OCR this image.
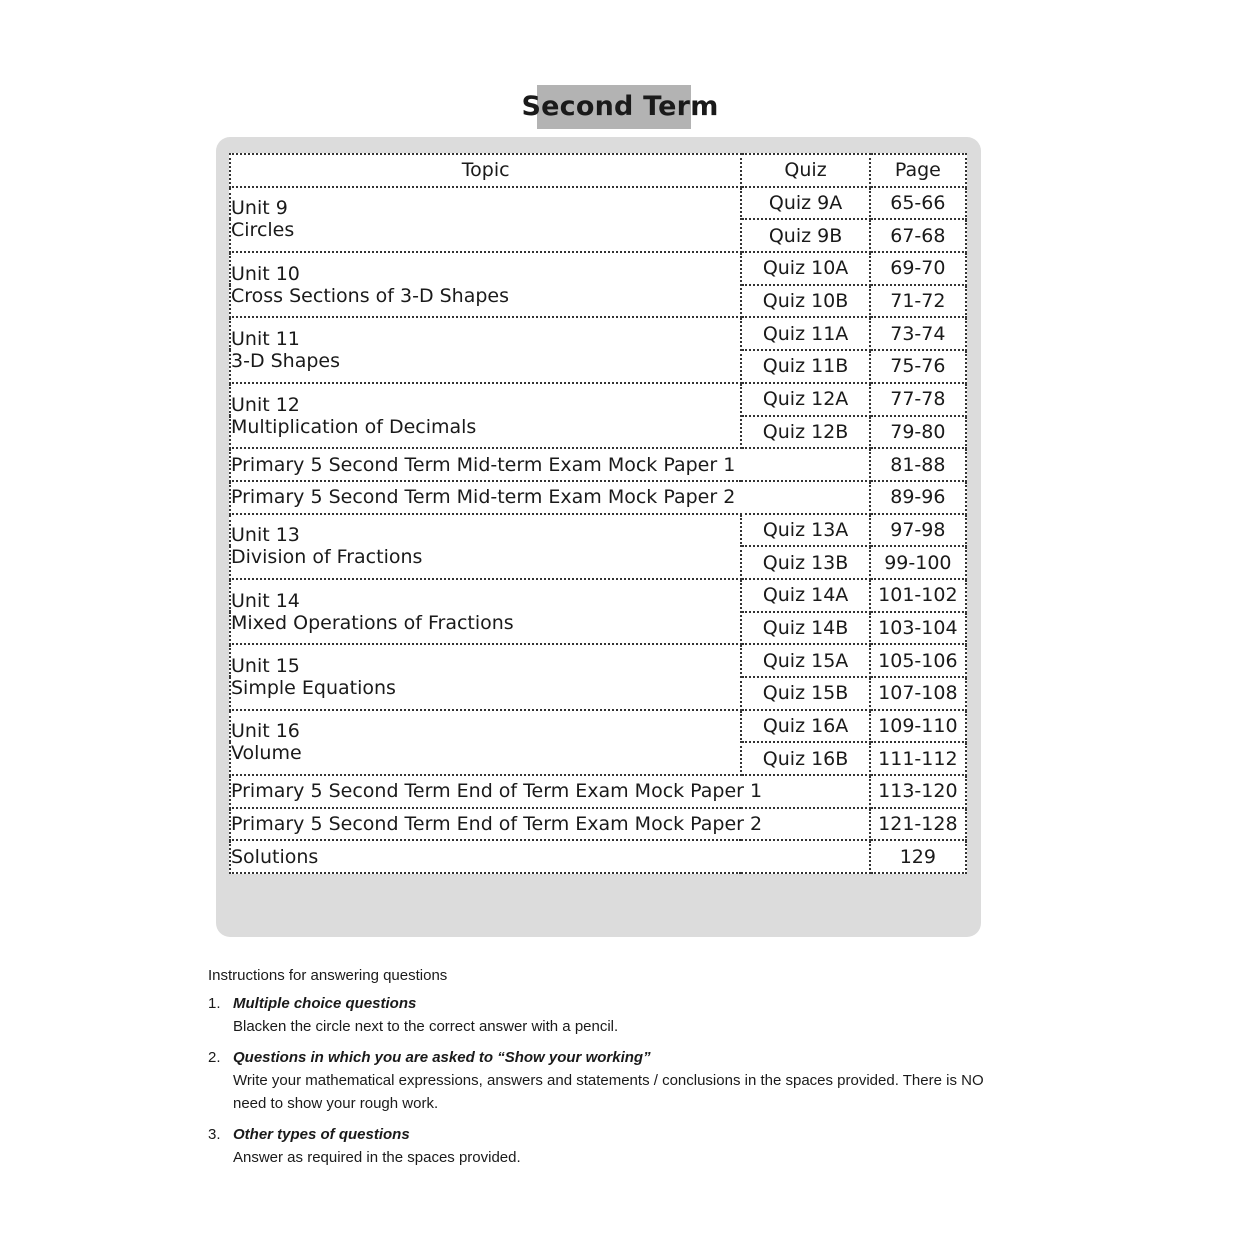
Second Term
Topic	Quiz	Page

Unit 9
Circles	Quiz 9A	65-66
	Quiz 9B	67-68

Unit 10
Cross Sections of 3-D Shapes	Quiz 10A	69-70
	Quiz 10B	71-72

Unit 11
3-D Shapes	Quiz 11A	73-74
	Quiz 11B	75-76

Unit 12
Multiplication of Decimals	Quiz 12A	77-78
	Quiz 12B	79-80
Primary 5 Second Term Mid-term Exam Mock Paper 1		81-88
Primary 5 Second Term Mid-term Exam Mock Paper 2		89-96

Unit 13
Division of Fractions	Quiz 13A	97-98
	Quiz 13B	99-100

Unit 14
Mixed Operations of Fractions	Quiz 14A	101-102
	Quiz 14B	103-104

Unit 15
Simple Equations	Quiz 15A	105-106
	Quiz 15B	107-108

Unit 16
Volume	Quiz 16A	109-110
	Quiz 16B	111-112
Primary 5 Second Term End of Term Exam Mock Paper 1		113-120
Primary 5 Second Term End of Term Exam Mock Paper 2		121-128
Solutions		129
Instructions for answering questions
1. Multiple choice questions
Blacken the circle next to the correct answer with a pencil.
2. Questions in which you are asked to “Show your working”
Write your mathematical expressions, answers and statements / conclusions in the spaces provided. There is NO need to show your rough work.
3. Other types of questions
Answer as required in the spaces provided.
